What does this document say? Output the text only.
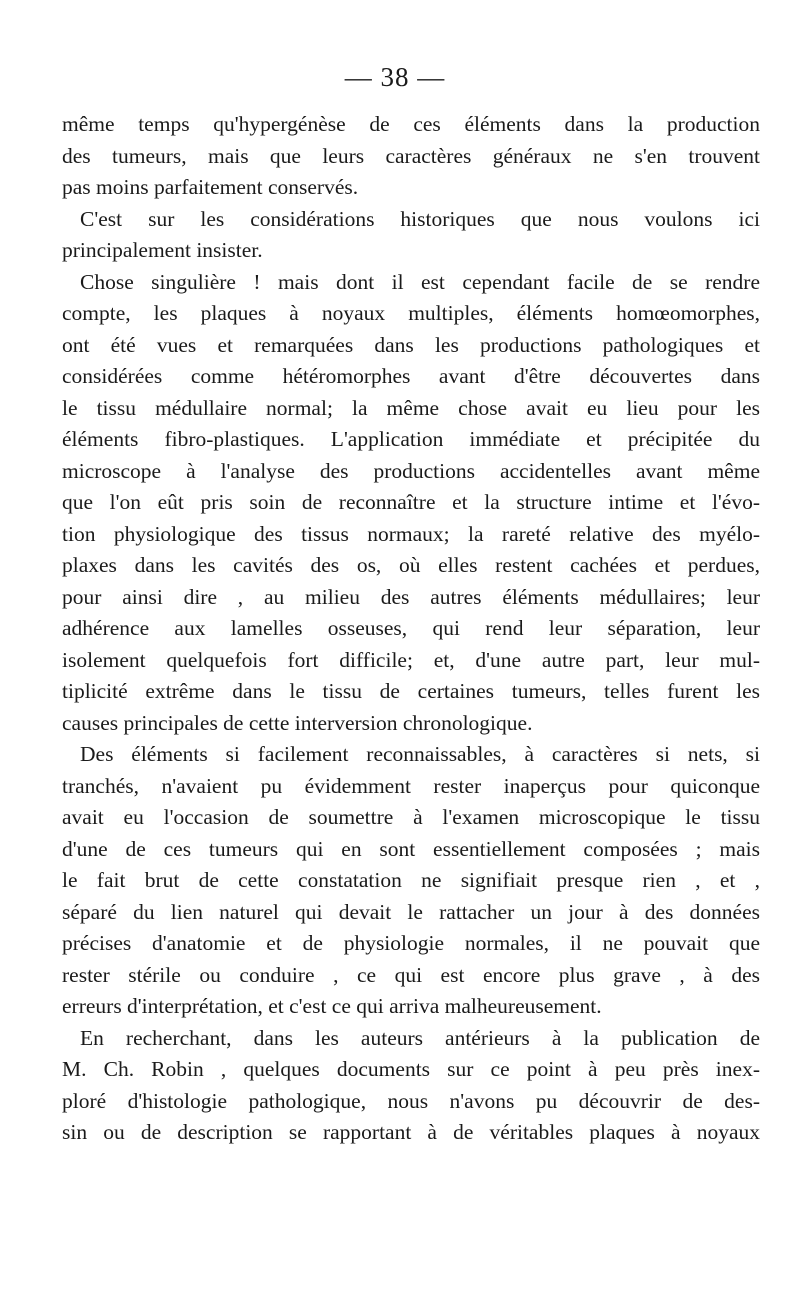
— 38 —
même temps qu'hypergénèse de ces éléments dans la production
des tumeurs, mais que leurs caractères généraux ne s'en trouvent
pas moins parfaitement conservés.
C'est sur les considérations historiques que nous voulons ici
principalement insister.
Chose singulière ! mais dont il est cependant facile de se rendre
compte, les plaques à noyaux multiples, éléments homœomorphes,
ont été vues et remarquées dans les productions pathologiques et
considérées comme hétéromorphes avant d'être découvertes dans
le tissu médullaire normal; la même chose avait eu lieu pour les
éléments fibro-plastiques. L'application immédiate et précipitée du
microscope à l'analyse des productions accidentelles avant même
que l'on eût pris soin de reconnaître et la structure intime et l'évo-
tion physiologique des tissus normaux; la rareté relative des myélo-
plaxes dans les cavités des os, où elles restent cachées et perdues,
pour ainsi dire , au milieu des autres éléments médullaires; leur
adhérence aux lamelles osseuses, qui rend leur séparation, leur
isolement quelquefois fort difficile; et, d'une autre part, leur mul-
tiplicité extrême dans le tissu de certaines tumeurs, telles furent les
causes principales de cette interversion chronologique.
Des éléments si facilement reconnaissables, à caractères si nets, si
tranchés, n'avaient pu évidemment rester inaperçus pour quiconque
avait eu l'occasion de soumettre à l'examen microscopique le tissu
d'une de ces tumeurs qui en sont essentiellement composées ; mais
le fait brut de cette constatation ne signifiait presque rien , et ,
séparé du lien naturel qui devait le rattacher un jour à des données
précises d'anatomie et de physiologie normales, il ne pouvait que
rester stérile ou conduire , ce qui est encore plus grave , à des
erreurs d'interprétation, et c'est ce qui arriva malheureusement.
En recherchant, dans les auteurs antérieurs à la publication de
M. Ch. Robin , quelques documents sur ce point à peu près inex-
ploré d'histologie pathologique, nous n'avons pu découvrir de des-
sin ou de description se rapportant à de véritables plaques à noyaux
